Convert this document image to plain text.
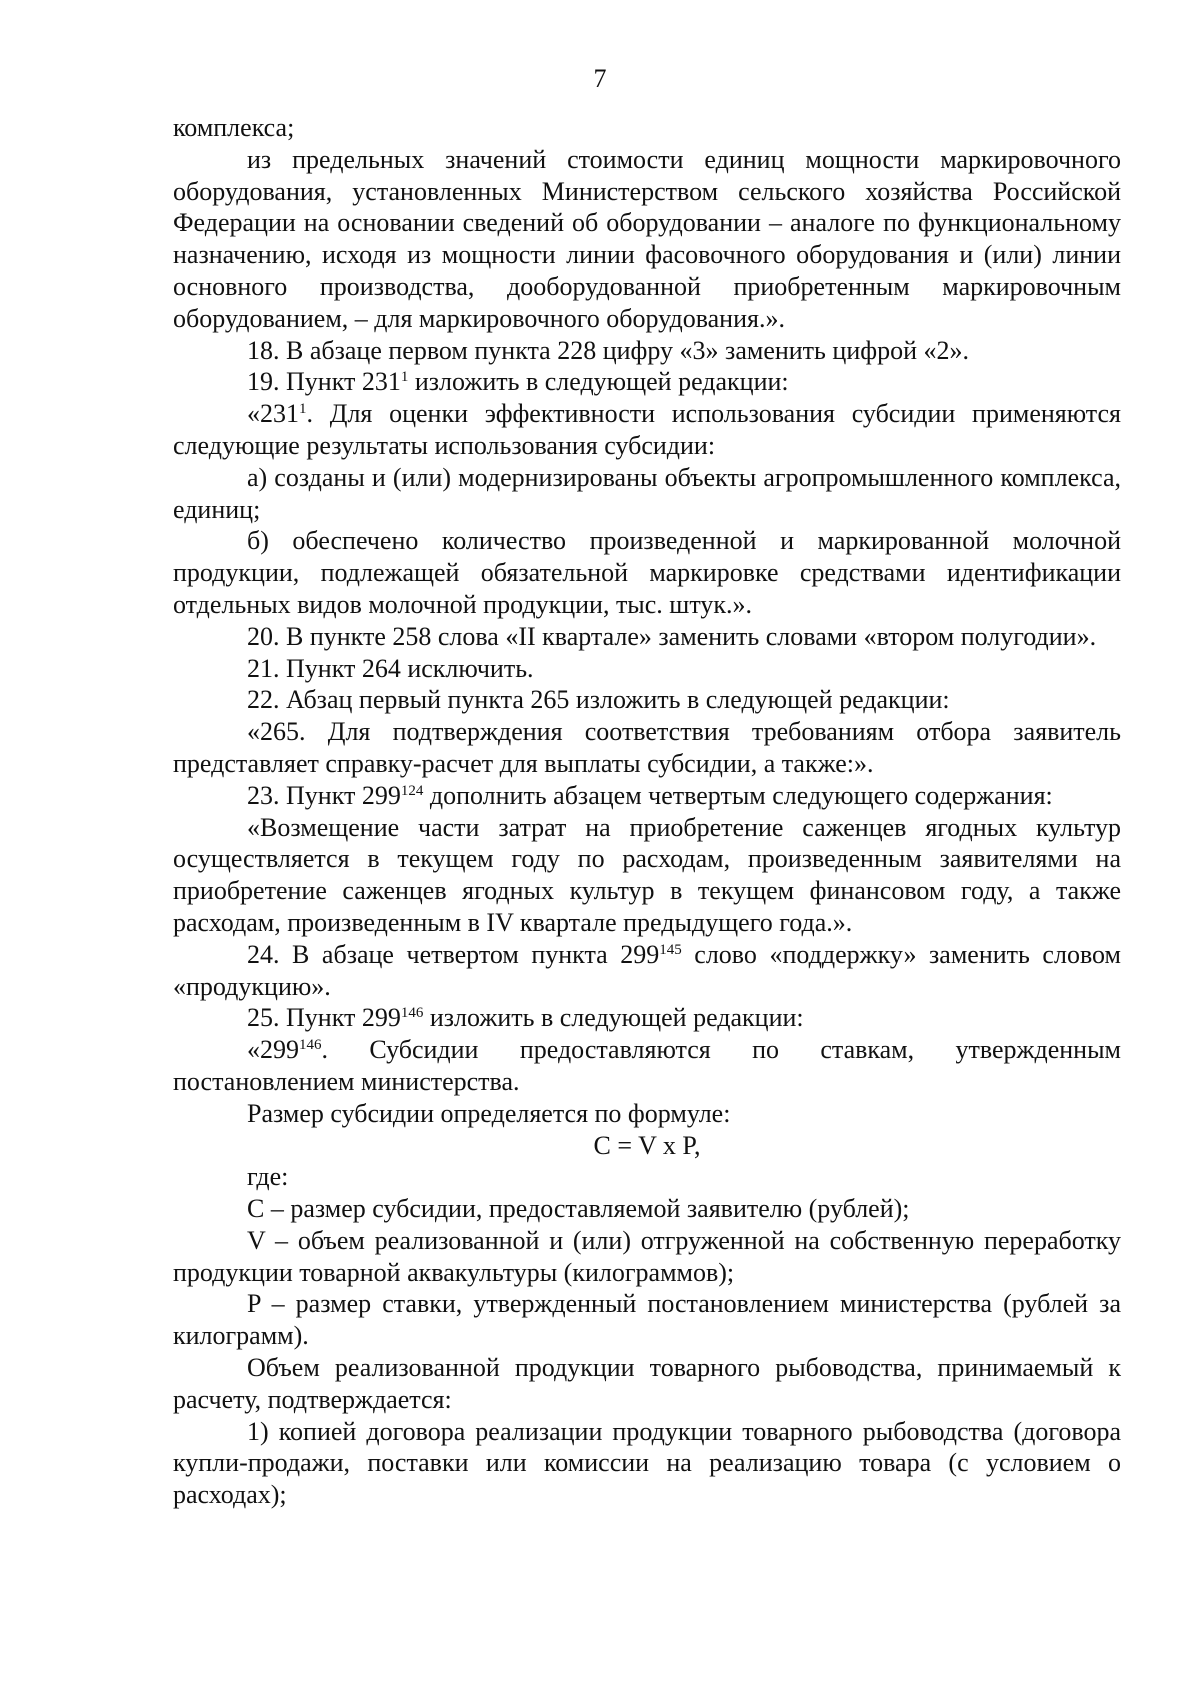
7

комплекса;

из предельных значений стоимости единиц мощности маркировочного оборудования, установленных Министерством сельского хозяйства Российской Федерации на основании сведений об оборудовании – аналоге по функциональному назначению, исходя из мощности линии фасовочного оборудования и (или) линии основного производства, дооборудованной приобретенным маркировочным оборудованием, – для маркировочного оборудования.».

18. В абзаце первом пункта 228 цифру «3» заменить цифрой «2».

19. Пункт $231^1$ изложить в следующей редакции:

«$231^1$. Для оценки эффективности использования субсидии применяются следующие результаты использования субсидии:

а) созданы и (или) модернизированы объекты агропромышленного комплекса, единиц;

б) обеспечено количество произведенной и маркированной молочной продукции, подлежащей обязательной маркировке средствами идентификации отдельных видов молочной продукции, тыс. штук.».

20. В пункте 258 слова «II квартале» заменить словами «втором полугодии».

21. Пункт 264 исключить.

22. Абзац первый пункта 265 изложить в следующей редакции:

«265. Для подтверждения соответствия требованиям отбора заявитель представляет справку-расчет для выплаты субсидии, а также:».

23. Пункт $299^{124}$ дополнить абзацем четвертым следующего содержания:

«Возмещение части затрат на приобретение саженцев ягодных культур осуществляется в текущем году по расходам, произведенным заявителями на приобретение саженцев ягодных культур в текущем финансовом году, а также расходам, произведенным в IV квартале предыдущего года.».

24. В абзаце четвертом пункта $299^{145}$ слово «поддержку» заменить словом «продукцию».

25. Пункт $299^{146}$ изложить в следующей редакции:

«$299^{146}$. Субсидии предоставляются по ставкам, утвержденным постановлением министерства.

Размер субсидии определяется по формуле:

C = V x P,

где:

C – размер субсидии, предоставляемой заявителю (рублей);

V – объем реализованной и (или) отгруженной на собственную переработку продукции товарной аквакультуры (килограммов);

P – размер ставки, утвержденный постановлением министерства (рублей за килограмм).

Объем реализованной продукции товарного рыбоводства, принимаемый к расчету, подтверждается:

1) копией договора реализации продукции товарного рыбоводства (договора купли-продажи, поставки или комиссии на реализацию товара (с условием о расходах);
